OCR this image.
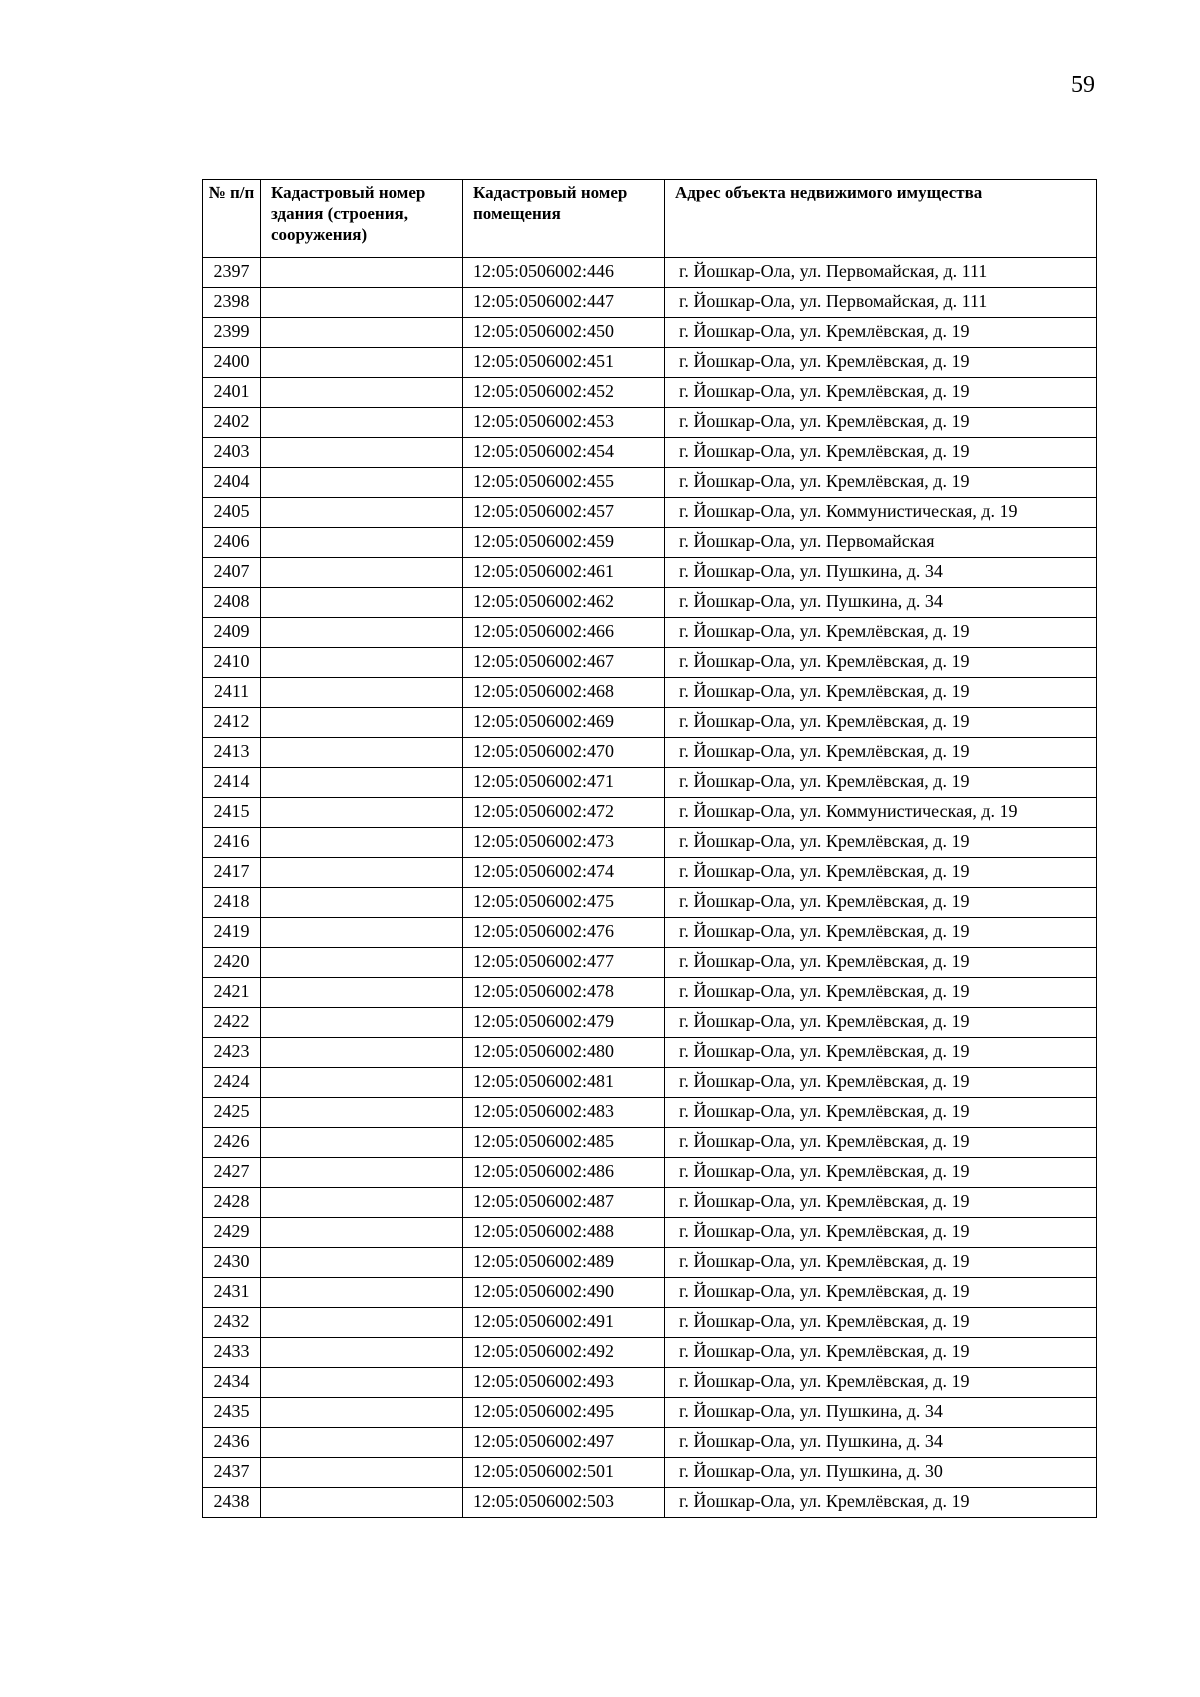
59
№ п/п	Кадастровый номер здания (строения, сооружения)	Кадастровый номер помещения	Адрес объекта недвижимого имущества
2397		12:05:0506002:446	г. Йошкар-Ола, ул. Первомайская, д. 111
2398		12:05:0506002:447	г. Йошкар-Ола, ул. Первомайская, д. 111
2399		12:05:0506002:450	г. Йошкар-Ола, ул. Кремлёвская, д. 19
2400		12:05:0506002:451	г. Йошкар-Ола, ул. Кремлёвская, д. 19
2401		12:05:0506002:452	г. Йошкар-Ола, ул. Кремлёвская, д. 19
2402		12:05:0506002:453	г. Йошкар-Ола, ул. Кремлёвская, д. 19
2403		12:05:0506002:454	г. Йошкар-Ола, ул. Кремлёвская, д. 19
2404		12:05:0506002:455	г. Йошкар-Ола, ул. Кремлёвская, д. 19
2405		12:05:0506002:457	г. Йошкар-Ола, ул. Коммунистическая, д. 19
2406		12:05:0506002:459	г. Йошкар-Ола, ул. Первомайская
2407		12:05:0506002:461	г. Йошкар-Ола, ул. Пушкина, д. 34
2408		12:05:0506002:462	г. Йошкар-Ола, ул. Пушкина, д. 34
2409		12:05:0506002:466	г. Йошкар-Ола, ул. Кремлёвская, д. 19
2410		12:05:0506002:467	г. Йошкар-Ола, ул. Кремлёвская, д. 19
2411		12:05:0506002:468	г. Йошкар-Ола, ул. Кремлёвская, д. 19
2412		12:05:0506002:469	г. Йошкар-Ола, ул. Кремлёвская, д. 19
2413		12:05:0506002:470	г. Йошкар-Ола, ул. Кремлёвская, д. 19
2414		12:05:0506002:471	г. Йошкар-Ола, ул. Кремлёвская, д. 19
2415		12:05:0506002:472	г. Йошкар-Ола, ул. Коммунистическая, д. 19
2416		12:05:0506002:473	г. Йошкар-Ола, ул. Кремлёвская, д. 19
2417		12:05:0506002:474	г. Йошкар-Ола, ул. Кремлёвская, д. 19
2418		12:05:0506002:475	г. Йошкар-Ола, ул. Кремлёвская, д. 19
2419		12:05:0506002:476	г. Йошкар-Ола, ул. Кремлёвская, д. 19
2420		12:05:0506002:477	г. Йошкар-Ола, ул. Кремлёвская, д. 19
2421		12:05:0506002:478	г. Йошкар-Ола, ул. Кремлёвская, д. 19
2422		12:05:0506002:479	г. Йошкар-Ола, ул. Кремлёвская, д. 19
2423		12:05:0506002:480	г. Йошкар-Ола, ул. Кремлёвская, д. 19
2424		12:05:0506002:481	г. Йошкар-Ола, ул. Кремлёвская, д. 19
2425		12:05:0506002:483	г. Йошкар-Ола, ул. Кремлёвская, д. 19
2426		12:05:0506002:485	г. Йошкар-Ола, ул. Кремлёвская, д. 19
2427		12:05:0506002:486	г. Йошкар-Ола, ул. Кремлёвская, д. 19
2428		12:05:0506002:487	г. Йошкар-Ола, ул. Кремлёвская, д. 19
2429		12:05:0506002:488	г. Йошкар-Ола, ул. Кремлёвская, д. 19
2430		12:05:0506002:489	г. Йошкар-Ола, ул. Кремлёвская, д. 19
2431		12:05:0506002:490	г. Йошкар-Ола, ул. Кремлёвская, д. 19
2432		12:05:0506002:491	г. Йошкар-Ола, ул. Кремлёвская, д. 19
2433		12:05:0506002:492	г. Йошкар-Ола, ул. Кремлёвская, д. 19
2434		12:05:0506002:493	г. Йошкар-Ола, ул. Кремлёвская, д. 19
2435		12:05:0506002:495	г. Йошкар-Ола, ул. Пушкина, д. 34
2436		12:05:0506002:497	г. Йошкар-Ола, ул. Пушкина, д. 34
2437		12:05:0506002:501	г. Йошкар-Ола, ул. Пушкина, д. 30
2438		12:05:0506002:503	г. Йошкар-Ола, ул. Кремлёвская, д. 19
